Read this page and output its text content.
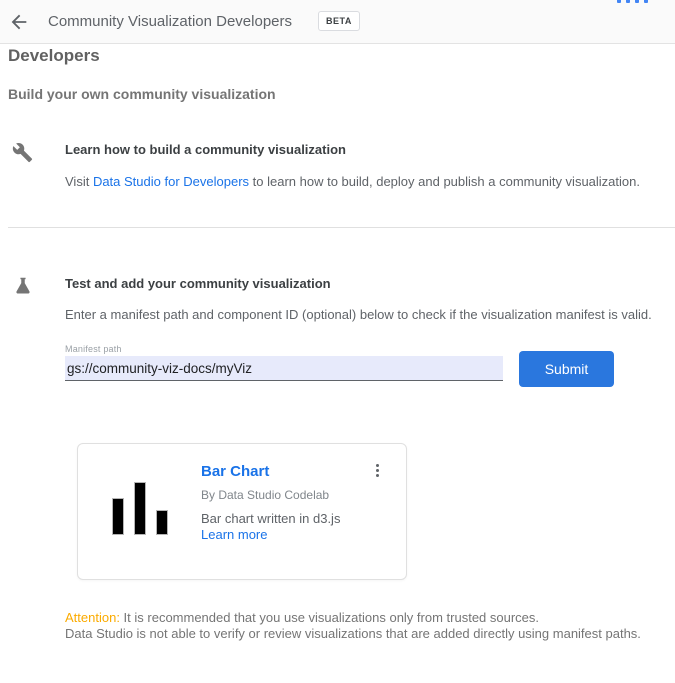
Community Visualization Developers	BETA
Developers
Build your own community visualization
Learn how to build a community visualization
Visit Data Studio for Developers to learn how to build, deploy and publish a community visualization.
Test and add your community visualization
Enter a manifest path and component ID (optional) below to check if the visualization manifest is valid.
Manifest path
gs://community-viz-docs/myViz
Submit
Bar Chart
By Data Studio Codelab
Bar chart written in d3.js
Learn more
Attention: It is recommended that you use visualizations only from trusted sources.
Data Studio is not able to verify or review visualizations that are added directly using manifest paths.
